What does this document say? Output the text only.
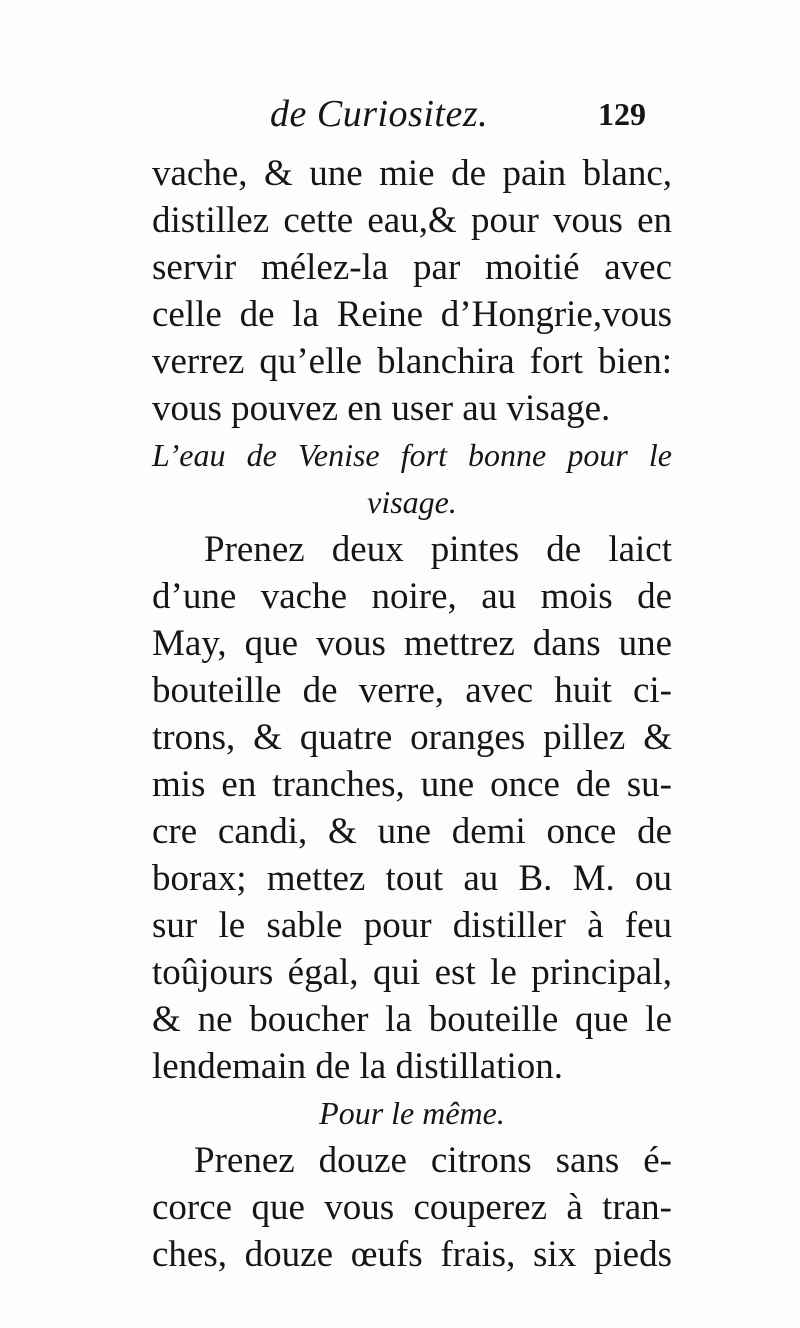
de Curiositez.	129
vache, & une mie de pain blanc,
distillez cette eau,& pour vous en
servir mélez-la par moitié avec
celle de la Reine d’Hongrie,vous
verrez qu’elle blanchira fort bien:
vous pouvez en user au visage.
L’eau de Venise fort bonne pour le
visage.
Prenez deux pintes de laict
d’une vache noire, au mois de
May, que vous mettrez dans une
bouteille de verre, avec huit ci-
trons, & quatre oranges pillez &
mis en tranches, une once de su-
cre candi, & une demi once de
borax; mettez tout au B. M. ou
sur le sable pour distiller à feu
toûjours égal, qui est le principal,
& ne boucher la bouteille que le
lendemain de la distillation.
Pour le même.
Prenez douze citrons sans é-
corce que vous couperez à tran-
ches, douze œufs frais, six pieds
